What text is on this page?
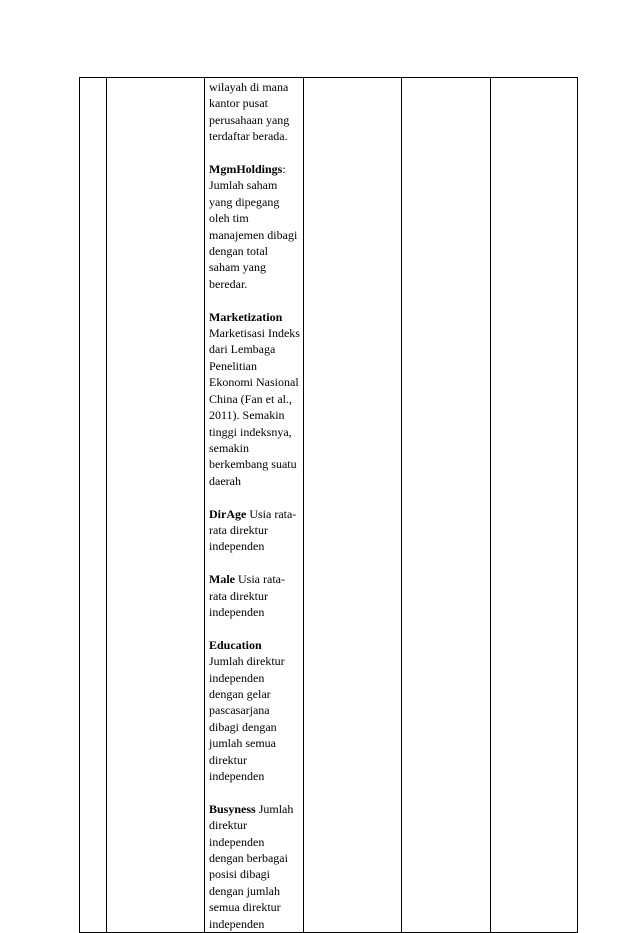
wilayah di mana kantor pusat perusahaan yang terdaftar berada.

MgmHoldings: Jumlah saham yang dipegang oleh tim manajemen dibagi dengan total saham yang beredar.

Marketization
Marketisasi Indeks dari Lembaga Penelitian Ekonomi Nasional China (Fan et al., 2011). Semakin tinggi indeksnya, semakin berkembang suatu daerah

DirAge Usia rata-rata direktur independen

Male Usia rata-rata direktur independen

Education
Jumlah direktur independen dengan gelar pascasarjana dibagi dengan jumlah semua direktur independen

Busyness Jumlah direktur independen dengan berbagai posisi dibagi dengan jumlah semua direktur independen
